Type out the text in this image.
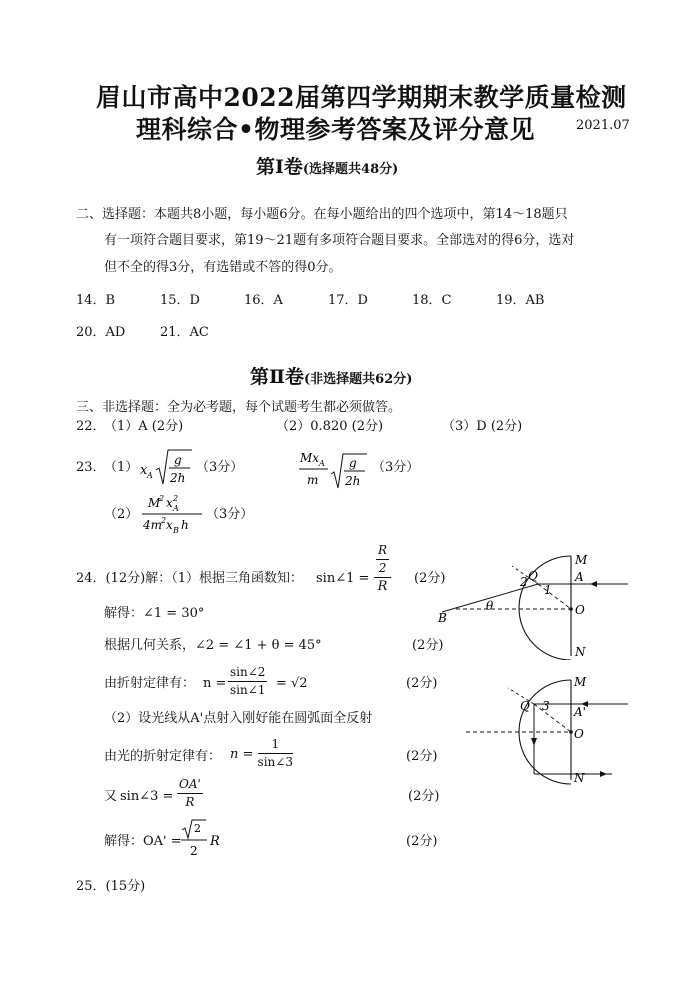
眉山市高中2022届第四学期期末教学质量检测
理科综合•物理参考答案及评分意见	2021.07
第Ⅰ卷(选择题共48分)
二、选择题：本题共8小题，每小题6分。在每小题给出的四个选项中，第14～18题只
有一项符合题目要求，第19～21题有多项符合题目要求。全部选对的得6分，选对
但不全的得3分，有选错或不答的得0分。
14．B	15．D	16．A	17．D	18．C	19．AB
20．AD	21．AC
第Ⅱ卷(非选择题共62分)
三、非选择题：全为必考题，每个试题考生都必须做答。
22．
（1）A (2分)	（2）0.820 (2分)	（3）D (2分)
23．
（1） x A
g
2h
（3分）
Mx A
m
g
2h
（3分）
（2）
M
2 x 2
A
4m
2 x B h
（3分）
24．(12分)解：（1）根据三角函数知： sin∠1 = $\frac{\frac{R}{2}}{R} (2$分)
解得：∠1 = 30°
根据几何关系，∠2 = ∠1 + θ = 45°	(2分)
由折射定律有： $n = \frac{\sin\angle 2}{\sin\angle 1} = √2$	(2分)
（2）设光线从A'点射入刚好能在圆弧面全反射
由光的折射定律有： $n = \frac{1}{\sin\angle 3}$	(2分)
又 sin∠3 = $\frac{OA'}{R}$	(2分)
解得：OA' =
2
2
R	(2分)
25．(15分)
M
A
O
N
B
Q
θ
1
2
M
A'
O
N
Q 3
